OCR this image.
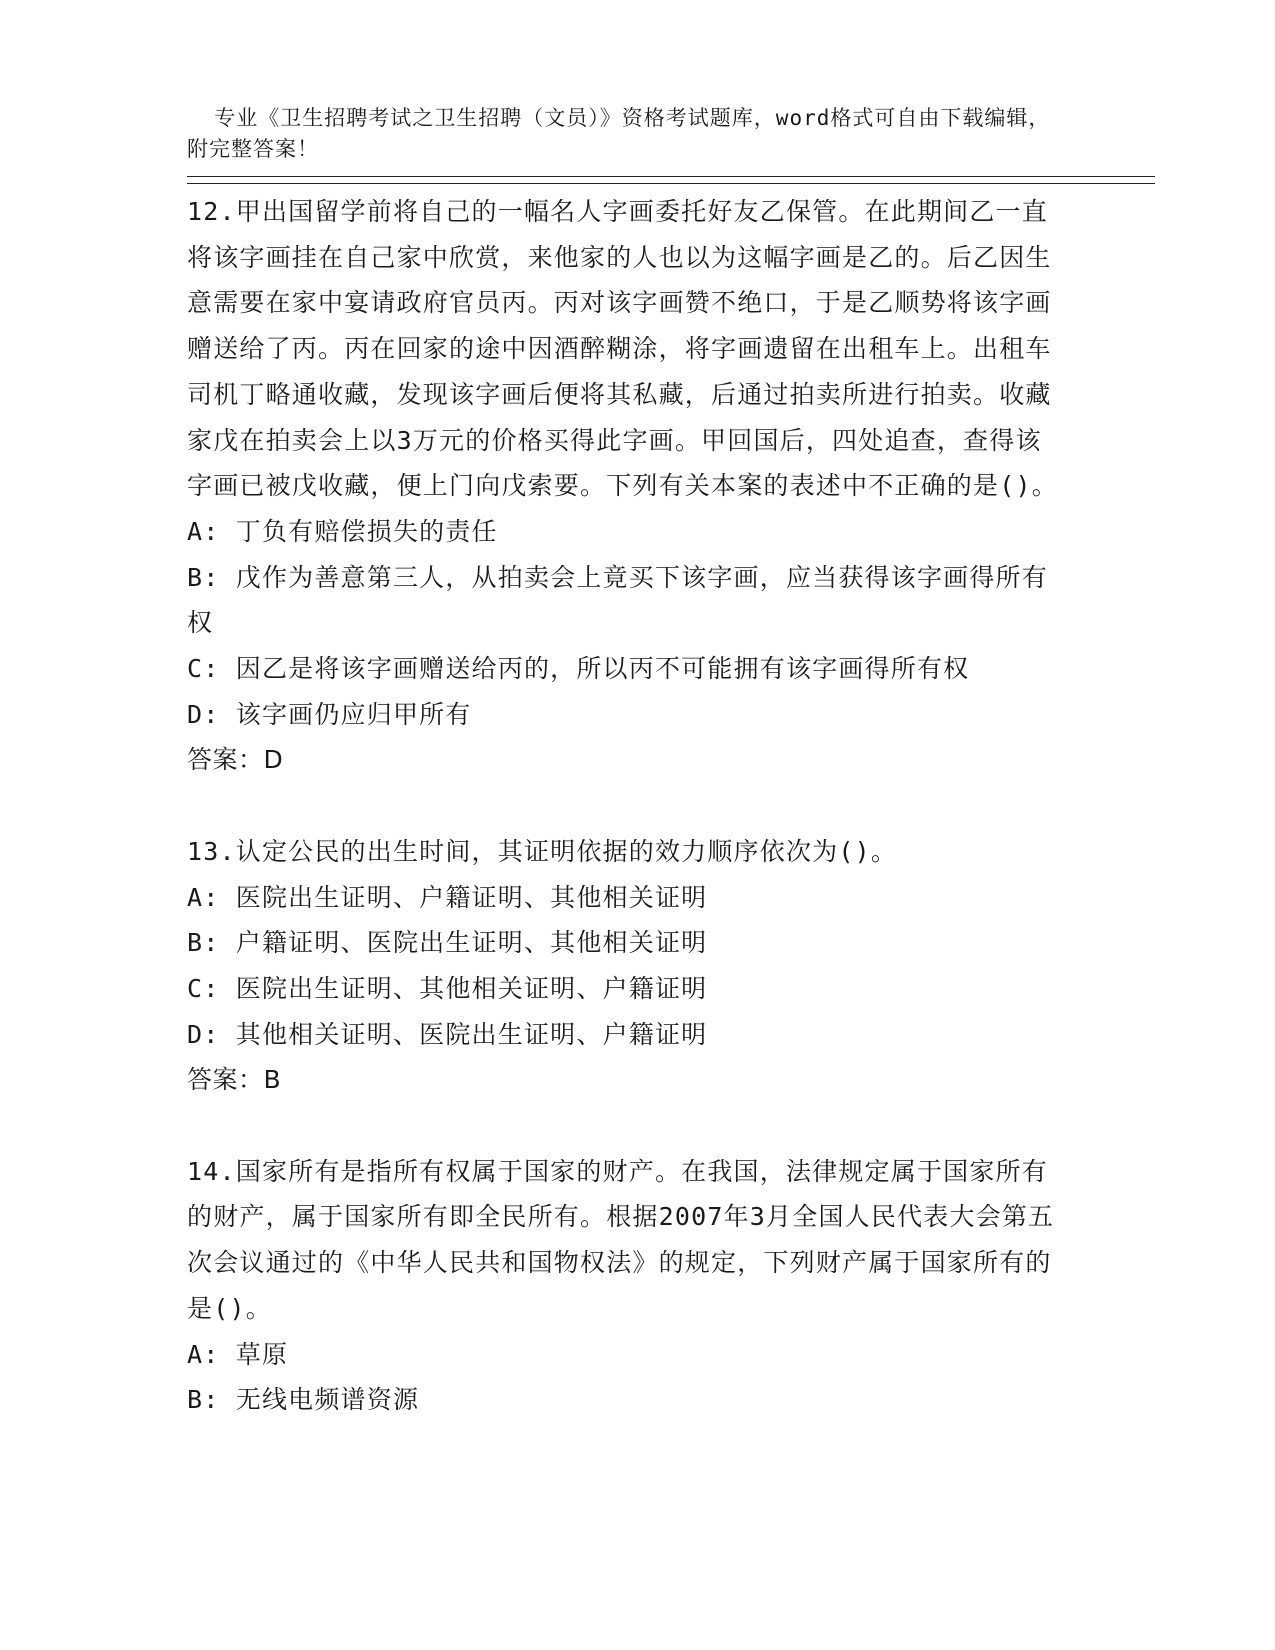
专业《卫生招聘考试之卫生招聘（文员）》资格考试题库，word格式可自由下载编辑，附完整答案！

12.甲出国留学前将自己的一幅名人字画委托好友乙保管。在此期间乙一直将该字画挂在自己家中欣赏，来他家的人也以为这幅字画是乙的。后乙因生意需要在家中宴请政府官员丙。丙对该字画赞不绝口，于是乙顺势将该字画赠送给了丙。丙在回家的途中因酒醉糊涂，将字画遗留在出租车上。出租车司机丁略通收藏，发现该字画后便将其私藏，后通过拍卖所进行拍卖。收藏家戊在拍卖会上以3万元的价格买得此字画。甲回国后，四处追查，查得该字画已被戊收藏，便上门向戊索要。下列有关本案的表述中不正确的是()。
A: 丁负有赔偿损失的责任
B: 戊作为善意第三人，从拍卖会上竟买下该字画，应当获得该字画得所有权
C: 因乙是将该字画赠送给丙的，所以丙不可能拥有该字画得所有权
D: 该字画仍应归甲所有
答案：D
13.认定公民的出生时间，其证明依据的效力顺序依次为()。
A: 医院出生证明、户籍证明、其他相关证明
B: 户籍证明、医院出生证明、其他相关证明
C: 医院出生证明、其他相关证明、户籍证明
D: 其他相关证明、医院出生证明、户籍证明
答案：B
14.国家所有是指所有权属于国家的财产。在我国，法律规定属于国家所有的财产，属于国家所有即全民所有。根据2007年3月全国人民代表大会第五次会议通过的《中华人民共和国物权法》的规定，下列财产属于国家所有的是()。
A: 草原
B: 无线电频谱资源
